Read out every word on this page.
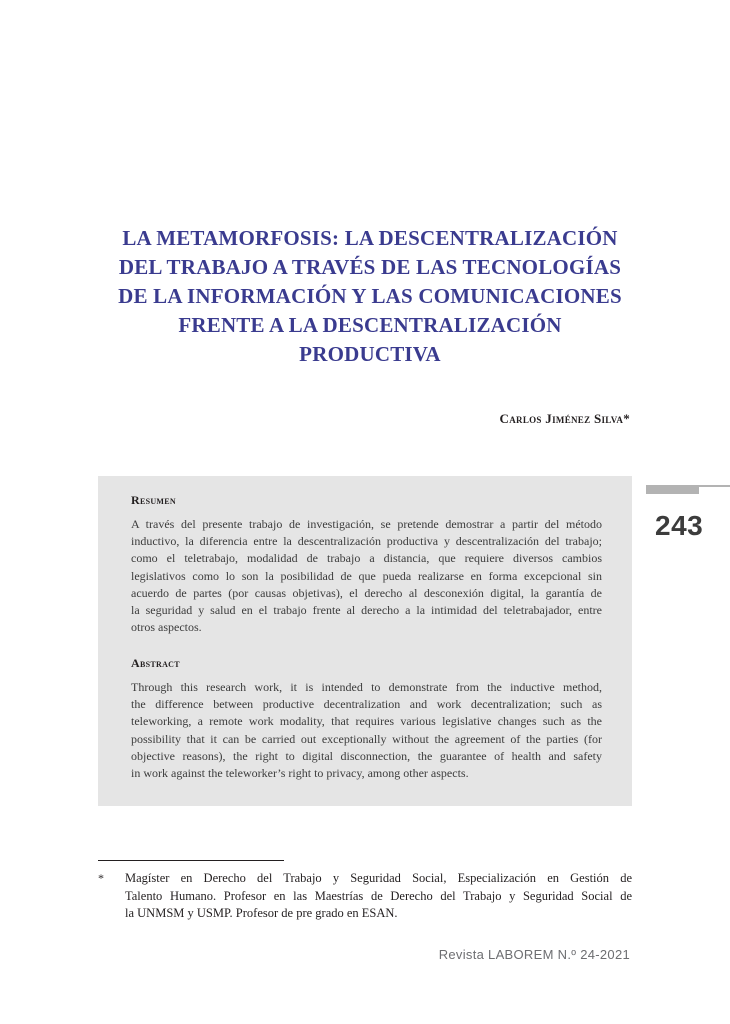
LA METAMORFOSIS: LA DESCENTRALIZACIÓN
DEL TRABAJO A TRAVÉS DE LAS TECNOLOGÍAS
DE LA INFORMACIÓN Y LAS COMUNICACIONES
FRENTE A LA DESCENTRALIZACIÓN
PRODUCTIVA
Carlos Jiménez Silva*
Resumen
A través del presente trabajo de investigación, se pretende demostrar a partir del método
inductivo, la diferencia entre la descentralización productiva y descentralización del trabajo;
como el teletrabajo, modalidad de trabajo a distancia, que requiere diversos cambios
legislativos como lo son la posibilidad de que pueda realizarse en forma excepcional sin
acuerdo de partes (por causas objetivas), el derecho al desconexión digital, la garantía de
la seguridad y salud en el trabajo frente al derecho a la intimidad del teletrabajador, entre
otros aspectos.
Abstract
Through this research work, it is intended to demonstrate from the inductive method,
the difference between productive decentralization and work decentralization; such as
teleworking, a remote work modality, that requires various legislative changes such as the
possibility that it can be carried out exceptionally without the agreement of the parties (for
objective reasons), the right to digital disconnection, the guarantee of health and safety
in work against the teleworker’s right to privacy, among other aspects.
243
* Magíster en Derecho del Trabajo y Seguridad Social, Especialización en Gestión de
Talento Humano. Profesor en las Maestrías de Derecho del Trabajo y Seguridad Social de
la UNMSM y USMP. Profesor de pre grado en ESAN.
Revista LABOREM N.º 24-2021
